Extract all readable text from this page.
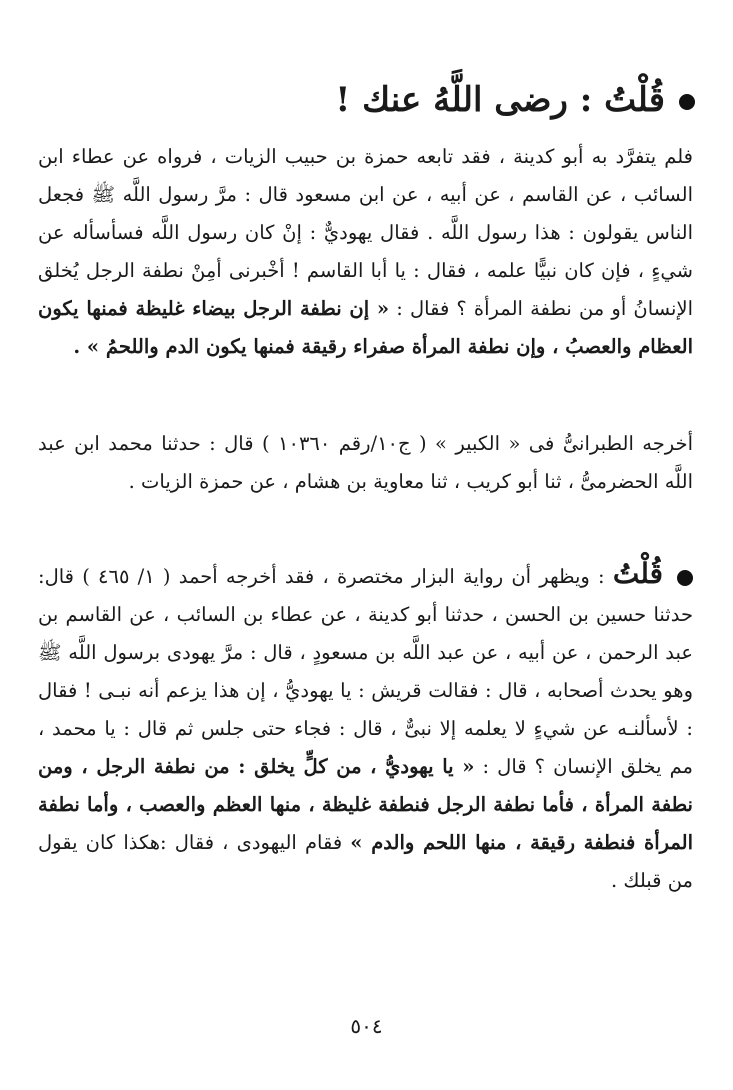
قُلْتُ : رضى اللَّهُ عنك !
فلم يتفرَّد به أبو كدينة ، فقد تابعه حمزة بن حبيب الزيات ، فرواه عن عطاء ابن السائب ، عن القاسم ، عن أبيه ، عن ابن مسعود قال : مرَّ رسول اللَّه ﷺ فجعل الناس يقولون : هذا رسول اللَّه . فقال يهوديٌّ : إنْ كان رسول اللَّه فسأسأله عن شيءٍ ، فإن كان نبيًّا علمه ، فقال : يا أبا القاسم ! أخْبرنى أمِنْ نطفة الرجل يُخلق الإنسانُ أو من نطفة المرأة ؟ فقال : « إن نطفة الرجل بيضاء غليظة فمنها يكون العظام والعصبُ ، وإن نطفة المرأة صفراء رقيقة فمنها يكون الدم واللحمُ » .
أخرجه الطبرانىُّ فى « الكبير » ( ج١٠/رقم ١٠٣٦٠ ) قال : حدثنا محمد ابن عبد اللَّه الحضرمىُّ ، ثنا أبو كريب ، ثنا معاوية بن هشام ، عن حمزة الزيات .
قُلْتُ : ويظهر أن رواية البزار مختصرة ، فقد أخرجه أحمد ( ١/ ٤٦٥ ) قال: حدثنا حسين بن الحسن ، حدثنا أبو كدينة ، عن عطاء بن السائب ، عن القاسم بن عبد الرحمن ، عن أبيه ، عن عبد اللَّه بن مسعودٍ ، قال : مرَّ يهودى برسول اللَّه ﷺ وهو يحدث أصحابه ، قال : فقالت قريش : يا يهوديُّ ، إن هذا يزعم أنه نبـى ! فقال : لأسألنـه عن شيءٍ لا يعلمه إلا نبىٌّ ، قال : فجاء حتى جلس ثم قال : يا محمد ، مم يخلق الإنسان ؟ قال : « يا يهوديُّ ، من كلٍّ يخلق : من نطفة الرجل ، ومن نطفة المرأة ، فأما نطفة الرجل فنطفة غليظة ، منها العظم والعصب ، وأما نطفة المرأة فنطفة رقيقة ، منها اللحم والدم » فقام اليهودى ، فقال :هكذا كان يقول من قبلك .
٥٠٤
